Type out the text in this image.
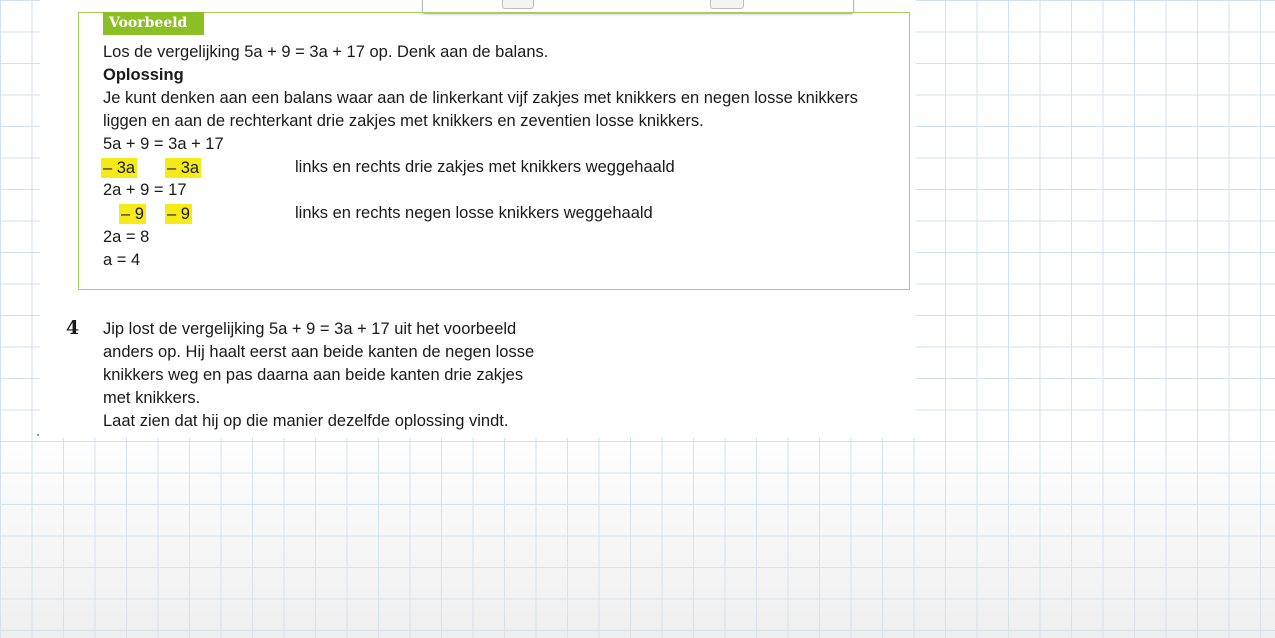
Voorbeeld
Los de vergelijking 5a + 9 = 3a + 17 op. Denk aan de balans.
Oplossing
Je kunt denken aan een balans waar aan de linkerkant vijf zakjes met knikkers en negen losse knikkers
liggen en aan de rechterkant drie zakjes met knikkers en zeventien losse knikkers.
5a + 9 = 3a + 17
– 3a – 3a	links en rechts drie zakjes met knikkers weggehaald
2a + 9 = 17
– 9 – 9	links en rechts negen losse knikkers weggehaald
2a = 8
a = 4
4 Jip lost de vergelijking 5a + 9 = 3a + 17 uit het voorbeeld
anders op. Hij haalt eerst aan beide kanten de negen losse
knikkers weg en pas daarna aan beide kanten drie zakjes
met knikkers.
Laat zien dat hij op die manier dezelfde oplossing vindt.
